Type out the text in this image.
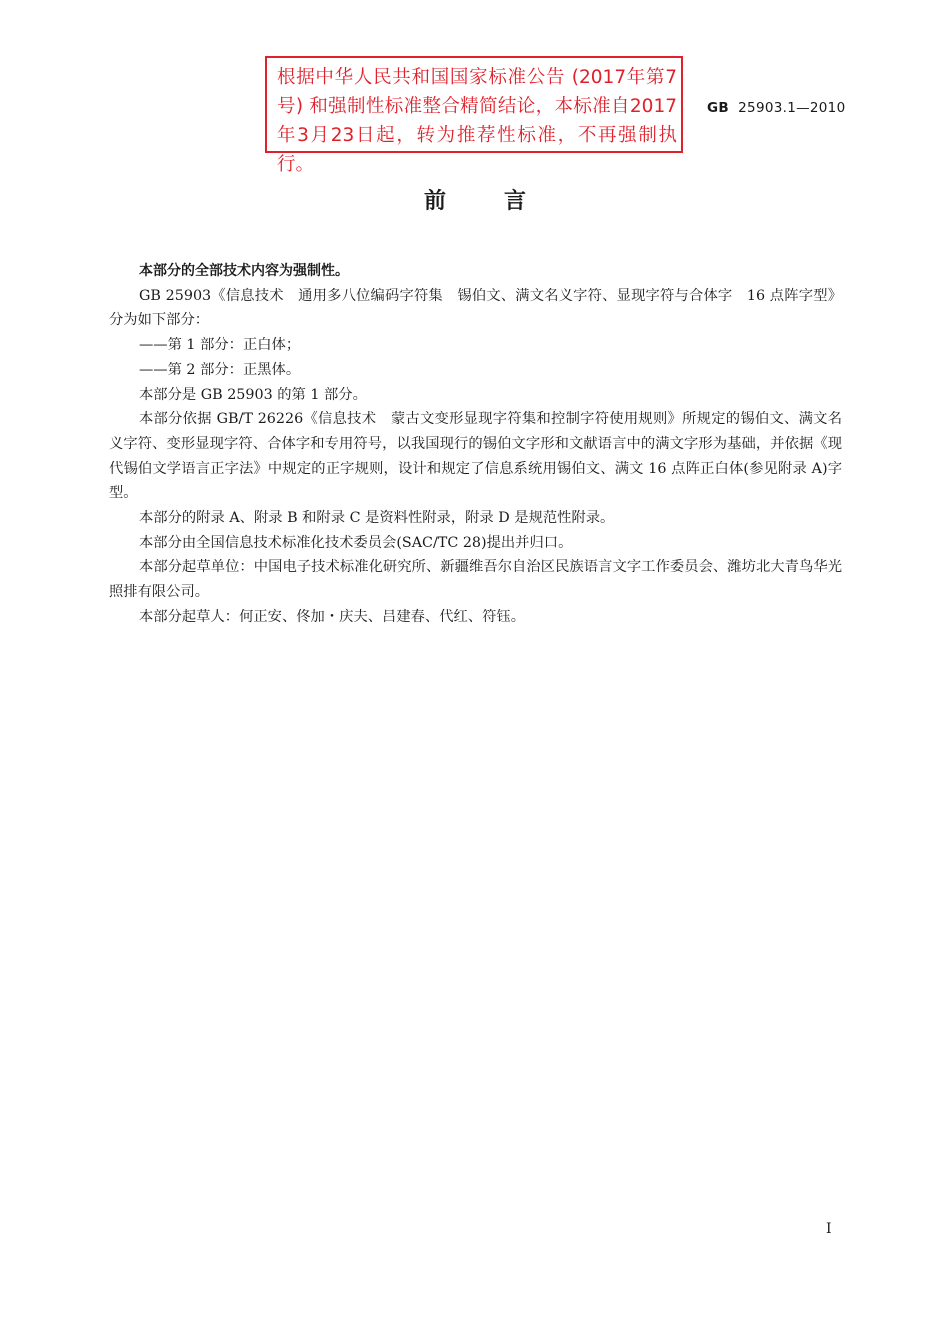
根据中华人民共和国国家标准公告 (2017年第7号) 和强制性标准整合精简结论，本标准自2017年3月23日起，转为推荐性标准，不再强制执行。
GB 25903.1—2010
前言

本部分的全部技术内容为强制性。

GB 25903《信息技术　通用多八位编码字符集　锡伯文、满文名义字符、显现字符与合体字　16 点阵字型》分为如下部分：

——第 1 部分：正白体；

——第 2 部分：正黑体。

本部分是 GB 25903 的第 1 部分。

本部分依据 GB/T 26226《信息技术　蒙古文变形显现字符集和控制字符使用规则》所规定的锡伯文、满文名义字符、变形显现字符、合体字和专用符号，以我国现行的锡伯文字形和文献语言中的满文字形为基础，并依据《现代锡伯文学语言正字法》中规定的正字规则，设计和规定了信息系统用锡伯文、满文 16 点阵正白体(参见附录 A)字型。

本部分的附录 A、附录 B 和附录 C 是资料性附录，附录 D 是规范性附录。

本部分由全国信息技术标准化技术委员会(SAC/TC 28)提出并归口。

本部分起草单位：中国电子技术标准化研究所、新疆维吾尔自治区民族语言文字工作委员会、潍坊北大青鸟华光照排有限公司。

本部分起草人：何正安、佟加・庆夫、吕建春、代红、符钰。

I
